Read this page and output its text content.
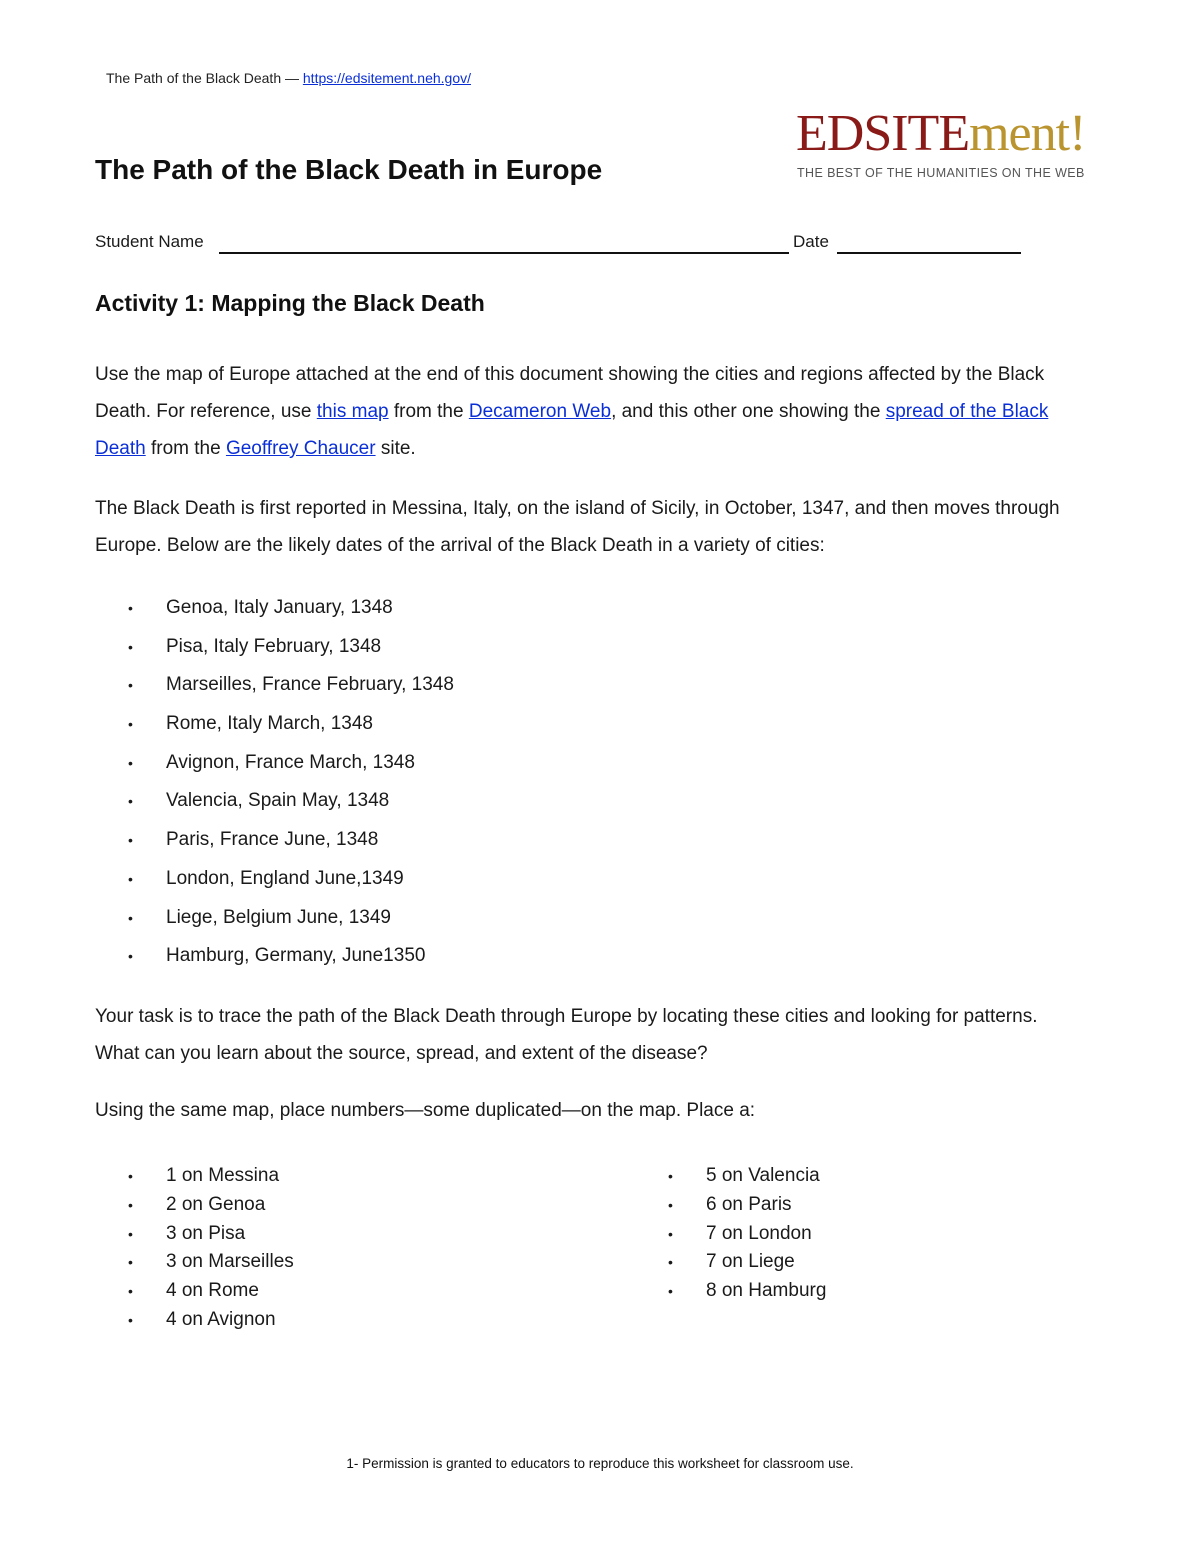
The Path of the Black Death — https://edsitement.neh.gov/
EDSITEment!
THE BEST OF THE HUMANITIES ON THE WEB
The Path of the Black Death in Europe
Student Name	Date
Activity 1: Mapping the Black Death
Use the map of Europe attached at the end of this document showing the cities and regions affected by the Black Death. For reference, use this map from the Decameron Web, and this other one showing the spread of the Black Death from the Geoffrey Chaucer site.
The Black Death is first reported in Messina, Italy, on the island of Sicily, in October, 1347, and then moves through Europe. Below are the likely dates of the arrival of the Black Death in a variety of cities:
• Genoa, Italy January, 1348
• Pisa, Italy February, 1348
• Marseilles, France February, 1348
• Rome, Italy March, 1348
• Avignon, France March, 1348
• Valencia, Spain May, 1348
• Paris, France June, 1348
• London, England June,1349
• Liege, Belgium June, 1349
• Hamburg, Germany, June1350
Your task is to trace the path of the Black Death through Europe by locating these cities and looking for patterns. What can you learn about the source, spread, and extent of the disease?
Using the same map, place numbers—some duplicated—on the map. Place a:
• 1 on Messina
• 2 on Genoa
• 3 on Pisa
• 3 on Marseilles
• 4 on Rome
• 4 on Avignon
• 5 on Valencia
• 6 on Paris
• 7 on London
• 7 on Liege
• 8 on Hamburg
1- Permission is granted to educators to reproduce this worksheet for classroom use.
